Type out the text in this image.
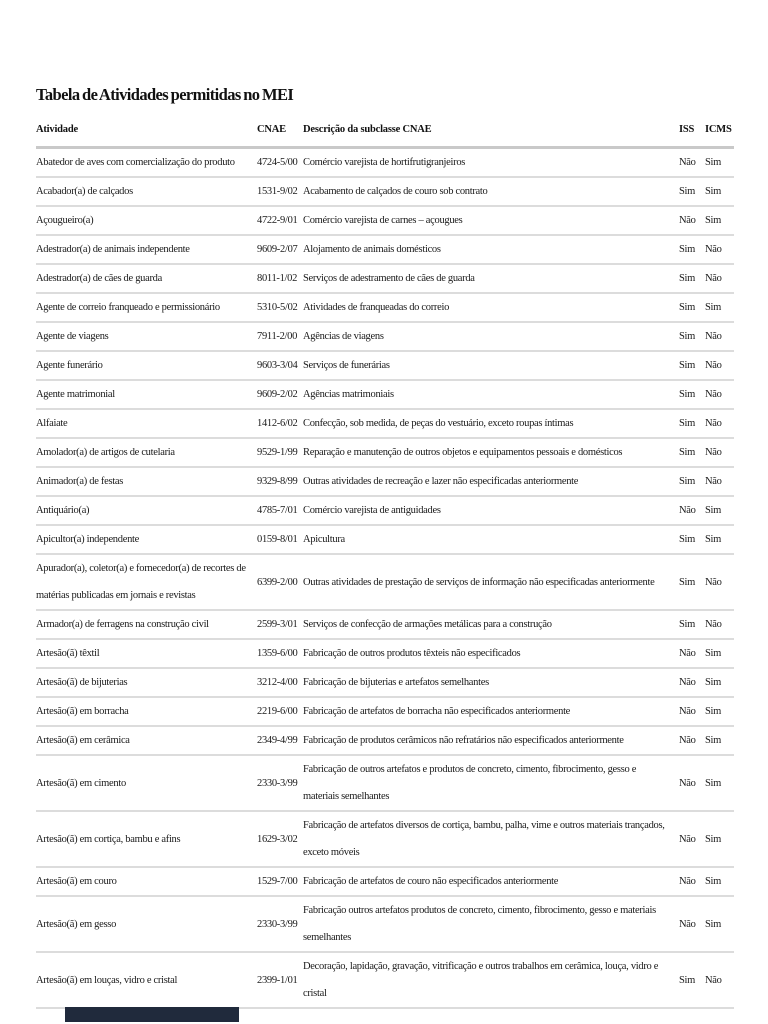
Tabela de Atividades permitidas no MEI
Atividade	CNAE	Descrição da subclasse CNAE	ISS	ICMS
Abatedor de aves com comercialização do produto	4724-5/00	Comércio varejista de hortifrutigranjeiros	Não	Sim
Acabador(a) de calçados	1531-9/02	Acabamento de calçados de couro sob contrato	Sim	Sim
Açougueiro(a)	4722-9/01	Comércio varejista de carnes – açougues	Não	Sim
Adestrador(a) de animais independente	9609-2/07	Alojamento de animais domésticos	Sim	Não
Adestrador(a) de cães de guarda	8011-1/02	Serviços de adestramento de cães de guarda	Sim	Não
Agente de correio franqueado e permissionário	5310-5/02	Atividades de franqueadas do correio	Sim	Sim
Agente de viagens	7911-2/00	Agências de viagens	Sim	Não
Agente funerário	9603-3/04	Serviços de funerárias	Sim	Não
Agente matrimonial	9609-2/02	Agências matrimoniais	Sim	Não
Alfaiate	1412-6/02	Confecção, sob medida, de peças do vestuário, exceto roupas íntimas	Sim	Não
Amolador(a) de artigos de cutelaria	9529-1/99	Reparação e manutenção de outros objetos e equipamentos pessoais e domésticos	Sim	Não
Animador(a) de festas	9329-8/99	Outras atividades de recreação e lazer não especificadas anteriormente	Sim	Não
Antiquário(a)	4785-7/01	Comércio varejista de antiguidades	Não	Sim
Apicultor(a) independente	0159-8/01	Apicultura	Sim	Sim
Apurador(a), coletor(a) e fornecedor(a) de recortes de matérias publicadas em jornais e revistas	6399-2/00	Outras atividades de prestação de serviços de informação não especificadas anteriormente	Sim	Não
Armador(a) de ferragens na construção civil	2599-3/01	Serviços de confecção de armações metálicas para a construção	Sim	Não
Artesão(ã) têxtil	1359-6/00	Fabricação de outros produtos têxteis não especificados	Não	Sim
Artesão(ã) de bijuterias	3212-4/00	Fabricação de bijuterias e artefatos semelhantes	Não	Sim
Artesão(ã) em borracha	2219-6/00	Fabricação de artefatos de borracha não especificados anteriormente	Não	Sim
Artesão(ã) em cerâmica	2349-4/99	Fabricação de produtos cerâmicos não refratários não especificados anteriormente	Não	Sim
Artesão(ã) em cimento	2330-3/99	Fabricação de outros artefatos e produtos de concreto, cimento, fibrocimento, gesso e materiais semelhantes	Não	Sim
Artesão(ã) em cortiça, bambu e afins	1629-3/02	Fabricação de artefatos diversos de cortiça, bambu, palha, vime e outros materiais trançados, exceto móveis	Não	Sim
Artesão(ã) em couro	1529-7/00	Fabricação de artefatos de couro não especificados anteriormente	Não	Sim
Artesão(ã) em gesso	2330-3/99	Fabricação outros artefatos produtos de concreto, cimento, fibrocimento, gesso e materiais semelhantes	Não	Sim
Artesão(ã) em louças, vidro e cristal	2399-1/01	Decoração, lapidação, gravação, vitrificação e outros trabalhos em cerâmica, louça, vidro e cristal	Sim	Não
